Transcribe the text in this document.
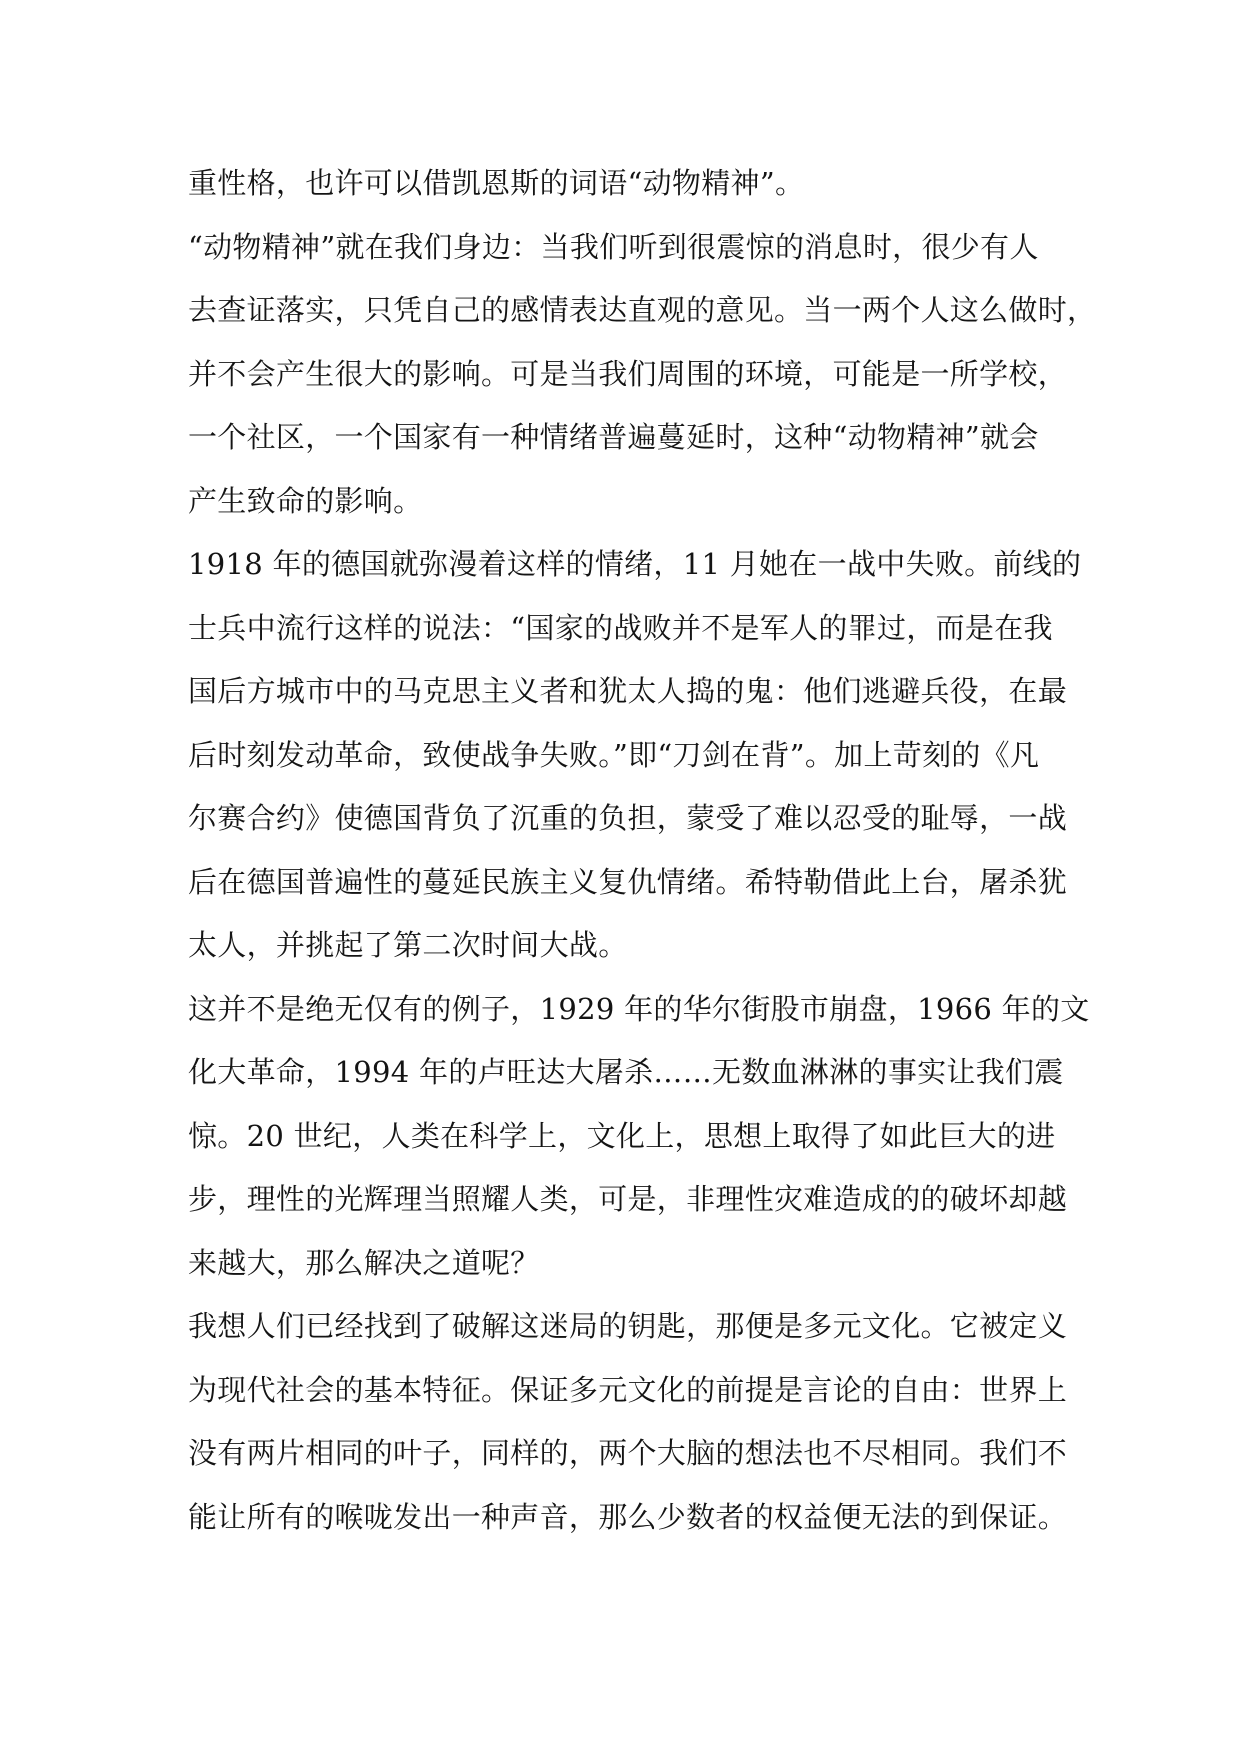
重性格，也许可以借凯恩斯的词语“动物精神”。
“动物精神”就在我们身边：当我们听到很震惊的消息时，很少有人
去查证落实，只凭自己的感情表达直观的意见。当一两个人这么做时，
并不会产生很大的影响。可是当我们周围的环境，可能是一所学校，
一个社区，一个国家有一种情绪普遍蔓延时，这种“动物精神”就会
产生致命的影响。
1918 年的德国就弥漫着这样的情绪，11 月她在一战中失败。前线的
士兵中流行这样的说法：“国家的战败并不是军人的罪过，而是在我
国后方城市中的马克思主义者和犹太人捣的鬼：他们逃避兵役，在最
后时刻发动革命，致使战争失败。”即“刀剑在背”。加上苛刻的《凡
尔赛合约》使德国背负了沉重的负担，蒙受了难以忍受的耻辱，一战
后在德国普遍性的蔓延民族主义复仇情绪。希特勒借此上台，屠杀犹
太人，并挑起了第二次时间大战。
这并不是绝无仅有的例子，1929 年的华尔街股市崩盘，1966 年的文
化大革命，1994 年的卢旺达大屠杀……无数血淋淋的事实让我们震
惊。20 世纪，人类在科学上，文化上，思想上取得了如此巨大的进
步，理性的光辉理当照耀人类，可是，非理性灾难造成的的破坏却越
来越大，那么解决之道呢？
我想人们已经找到了破解这迷局的钥匙，那便是多元文化。它被定义
为现代社会的基本特征。保证多元文化的前提是言论的自由：世界上
没有两片相同的叶子，同样的，两个大脑的想法也不尽相同。我们不
能让所有的喉咙发出一种声音，那么少数者的权益便无法的到保证。
